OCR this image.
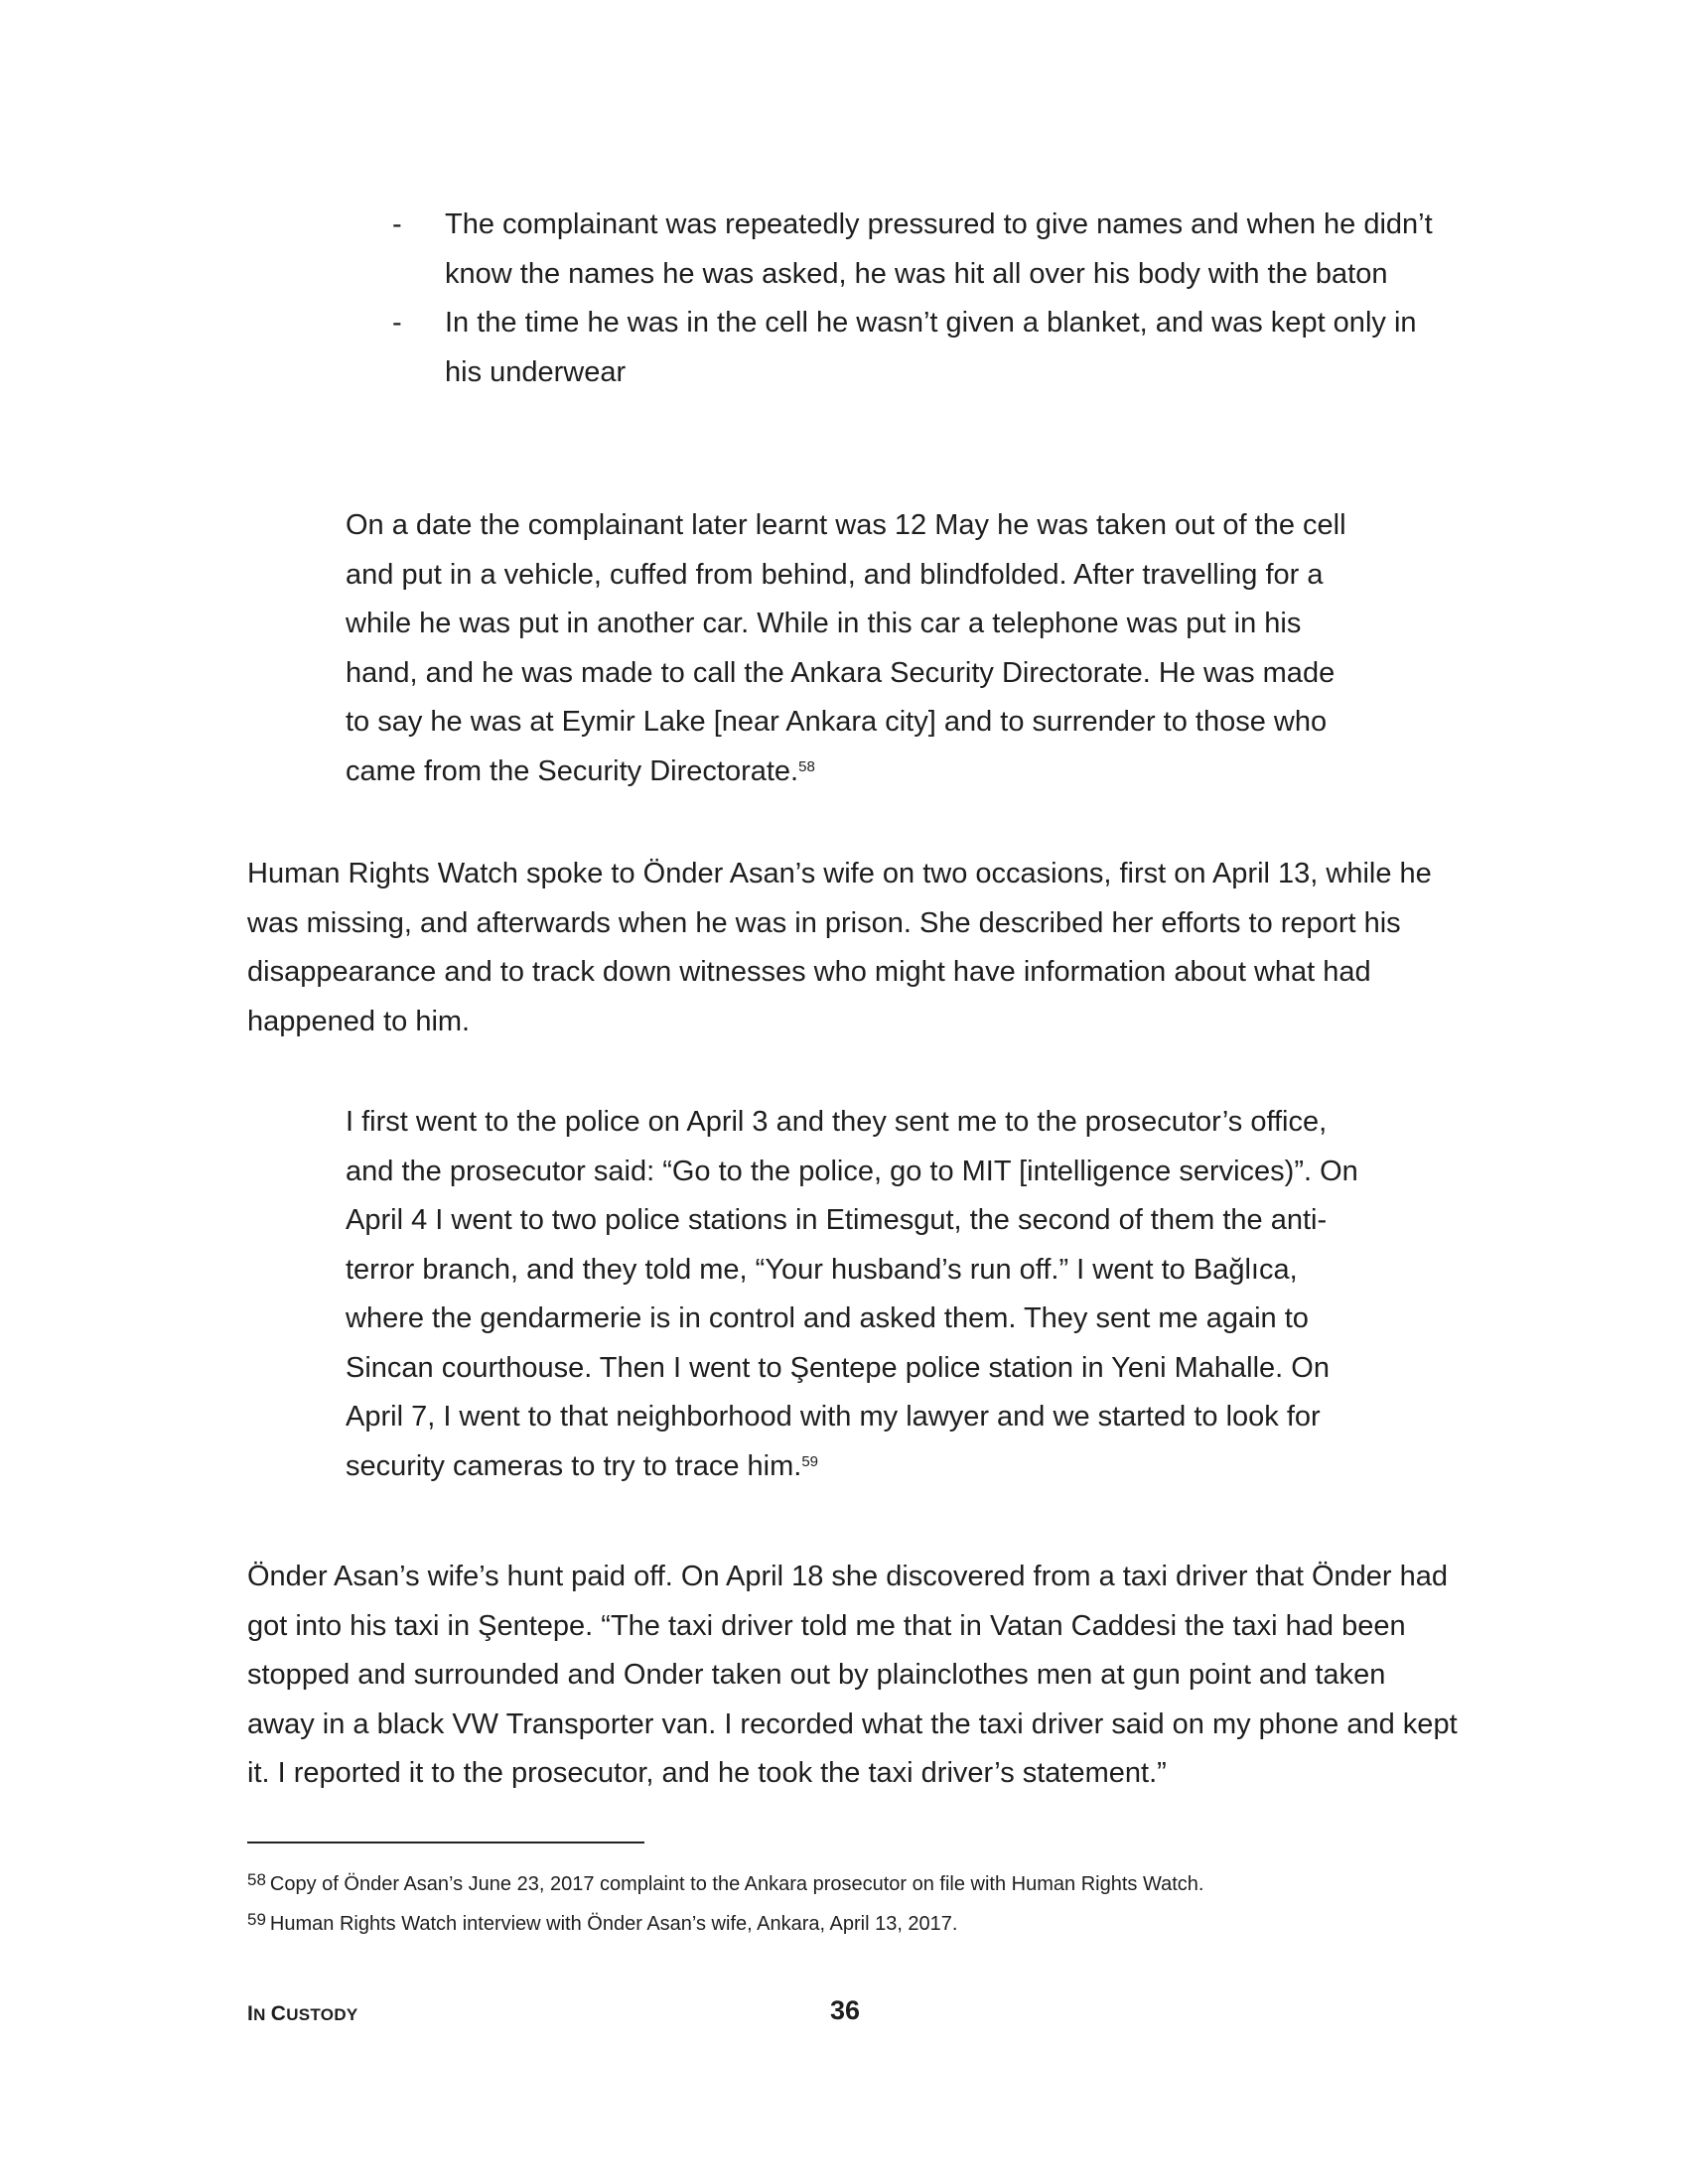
- The complainant was repeatedly pressured to give names and when he didn’t know the names he was asked, he was hit all over his body with the baton
- In the time he was in the cell he wasn’t given a blanket, and was kept only in his underwear

On a date the complainant later learnt was 12 May he was taken out of the cell and put in a vehicle, cuffed from behind, and blindfolded. After travelling for a while he was put in another car. While in this car a telephone was put in his hand, and he was made to call the Ankara Security Directorate. He was made to say he was at Eymir Lake [near Ankara city] and to surrender to those who came from the Security Directorate.$^{58}$

Human Rights Watch spoke to Önder Asan’s wife on two occasions, first on April 13, while he was missing, and afterwards when he was in prison. She described her efforts to report his disappearance and to track down witnesses who might have information about what had happened to him.

I first went to the police on April 3 and they sent me to the prosecutor’s office, and the prosecutor said: “Go to the police, go to MIT [intelligence services)”. On April 4 I went to two police stations in Etimesgut, the second of them the anti-terror branch, and they told me, “Your husband’s run off.” I went to Bağlıca, where the gendarmerie is in control and asked them. They sent me again to Sincan courthouse. Then I went to Şentepe police station in Yeni Mahalle. On April 7, I went to that neighborhood with my lawyer and we started to look for security cameras to try to trace him.$^{59}$

Önder Asan’s wife’s hunt paid off. On April 18 she discovered from a taxi driver that Önder had got into his taxi in Şentepe. “The taxi driver told me that in Vatan Caddesi the taxi had been stopped and surrounded and Onder taken out by plainclothes men at gun point and taken away in a black VW Transporter van. I recorded what the taxi driver said on my phone and kept it. I reported it to the prosecutor, and he took the taxi driver’s statement.”

$^{58}$ Copy of Önder Asan’s June 23, 2017 complaint to the Ankara prosecutor on file with Human Rights Watch.
$^{59}$ Human Rights Watch interview with Önder Asan’s wife, Ankara, April 13, 2017.
IN CUSTODY	36
